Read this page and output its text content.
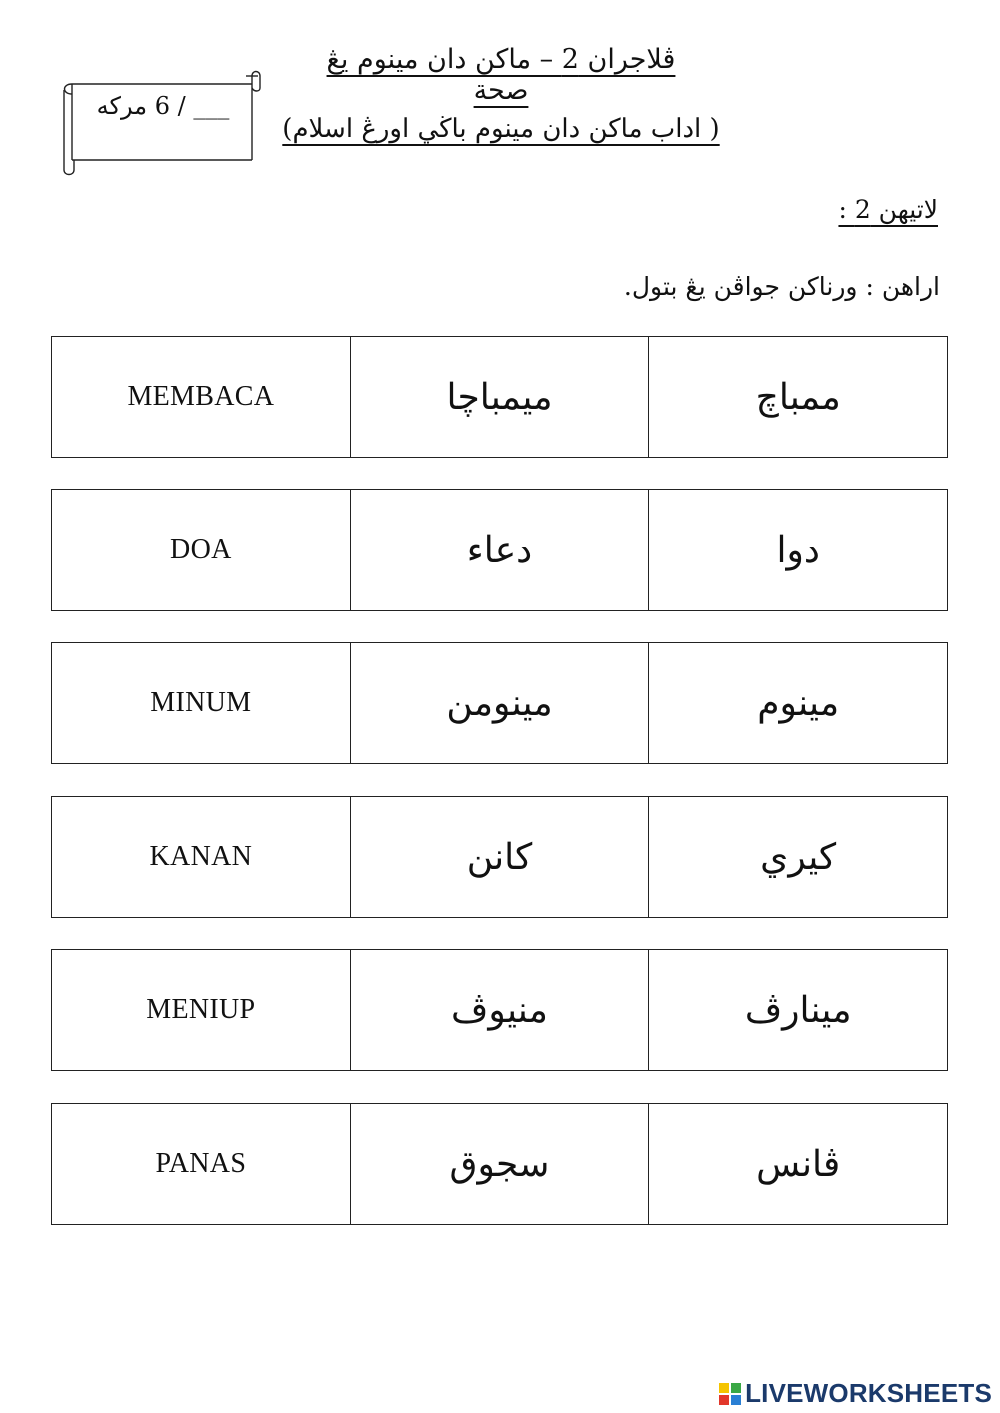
ڤلاجران 2 – ماكن دان مينوم يڠ صحة
( اداب ماكن دان مينوم باڬي اورڠ اسلام)
___ / 6 مركه
لاتيهن 2 :
اراهن : ورناكن جواڤن يڠ بتول.
MEMBACA	ميمباچا	ممباچ
DOA	دعاء	دوا
MINUM	مينومن	مينوم
KANAN	كانن	كيري
MENIUP	منيوڤ	مينارڤ
PANAS	سجوق	ڤانس
LIVEWORKSHEETS
